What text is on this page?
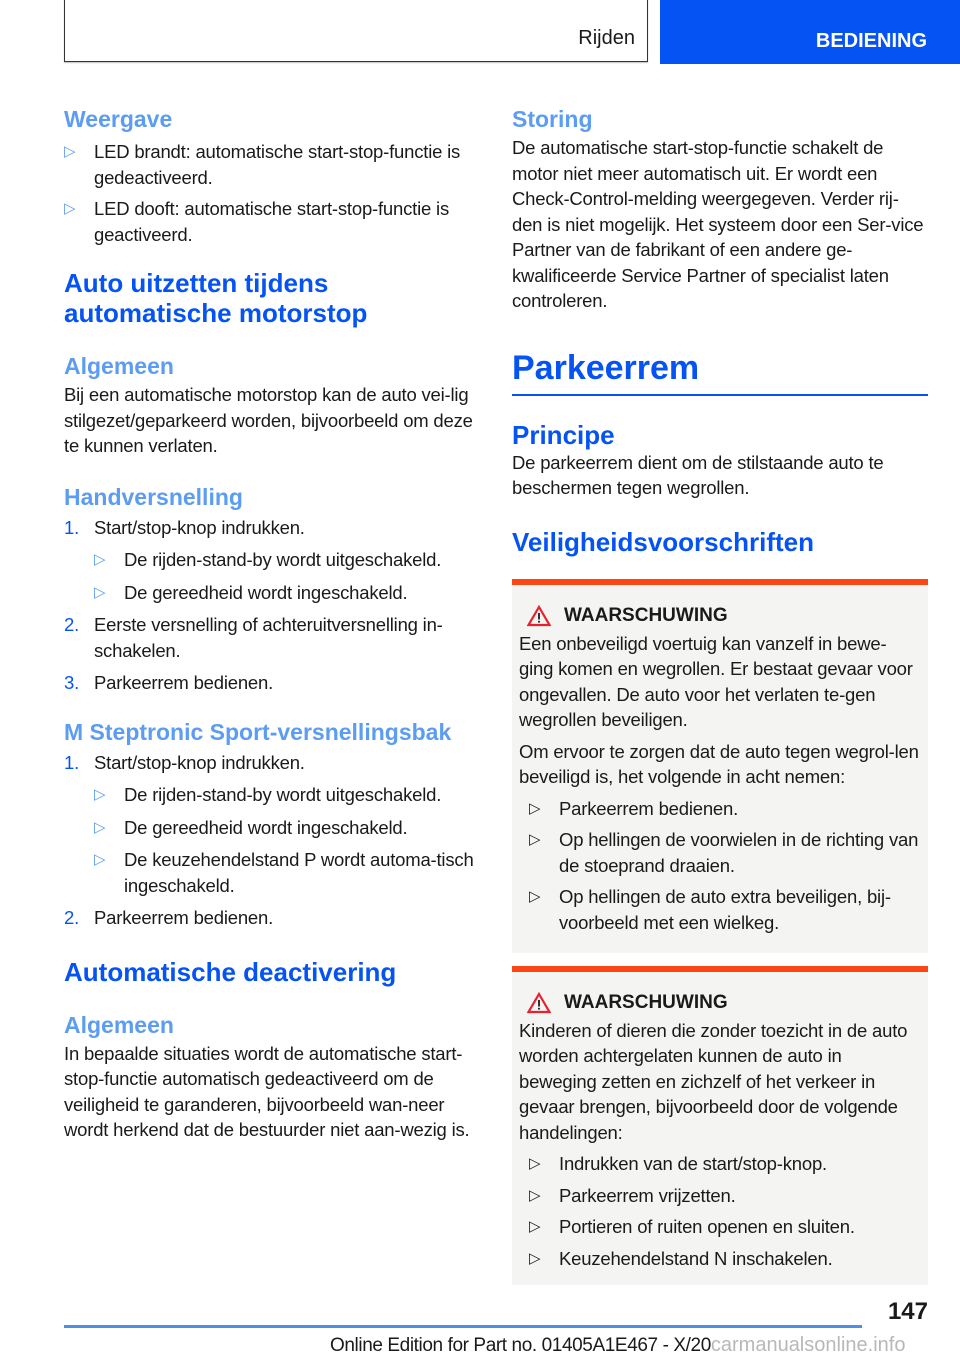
Rijden	BEDIENING
Weergave
▷ LED brandt: automatische start-stop-functie is gedeactiveerd.
▷ LED dooft: automatische start-stop-functie is geactiveerd.
Auto uitzetten tijdens
automatische motorstop
Algemeen

Bij een automatische motorstop kan de auto vei-lig stilgezet/geparkeerd worden, bijvoorbeeld om deze te kunnen verlaten.

Handversnelling
1. Start/stop-knop indrukken.
▷ De rijden-stand-by wordt uitgeschakeld.
▷ De gereedheid wordt ingeschakeld.
2. Eerste versnelling of achteruitversnelling in-schakelen.
3. Parkeerrem bedienen.
M Steptronic Sport-versnellingsbak
1. Start/stop-knop indrukken.
▷ De rijden-stand-by wordt uitgeschakeld.
▷ De gereedheid wordt ingeschakeld.
▷ De keuzehendelstand P wordt automa-tisch ingeschakeld.
2. Parkeerrem bedienen.
Automatische deactivering
Algemeen

In bepaalde situaties wordt de automatische start-stop-functie automatisch gedeactiveerd om de veiligheid te garanderen, bijvoorbeeld wan-neer wordt herkend dat de bestuurder niet aan-wezig is.

Storing

De automatische start-stop-functie schakelt de motor niet meer automatisch uit. Er wordt een Check-Control-melding weergegeven. Verder rij-den is niet mogelijk. Het systeem door een Ser-vice Partner van de fabrikant of een andere ge-kwalificeerde Service Partner of specialist laten controleren.

Parkeerrem
Principe

De parkeerrem dient om de stilstaande auto te beschermen tegen wegrollen.

Veiligheidsvoorschriften
WAARSCHUWING

Een onbeveiligd voertuig kan vanzelf in bewe-ging komen en wegrollen. Er bestaat gevaar voor ongevallen. De auto voor het verlaten te-gen wegrollen beveiligen.

Om ervoor te zorgen dat de auto tegen wegrol-len beveiligd is, het volgende in acht nemen:

▷ Parkeerrem bedienen.
▷ Op hellingen de voorwielen in de richting van de stoeprand draaien.
▷ Op hellingen de auto extra beveiligen, bij-voorbeeld met een wielkeg.
WAARSCHUWING

Kinderen of dieren die zonder toezicht in de auto worden achtergelaten kunnen de auto in beweging zetten en zichzelf of het verkeer in gevaar brengen, bijvoorbeeld door de volgende handelingen:

▷ Indrukken van de start/stop-knop.
▷ Parkeerrem vrijzetten.
▷ Portieren of ruiten openen en sluiten.
▷ Keuzehendelstand N inschakelen.
147
Online Edition for Part no. 01405A1E467 - X/20carmanualsonline.info
